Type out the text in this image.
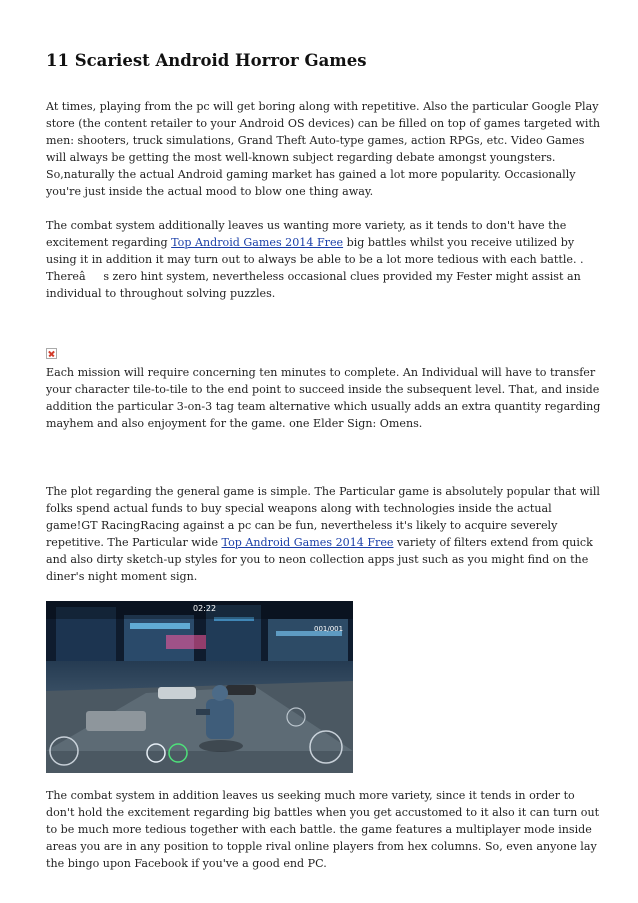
11 Scariest Android Horror Games

At times, playing from the pc will get boring along with repetitive. Also the particular Google Play store (the content retailer to your Android OS devices) can be filled on top of games targeted with men: shooters, truck simulations, Grand Theft Auto-type games, action RPGs, etc. Video Games will always be getting the most well-known subject regarding debate amongst youngsters. So,naturally the actual Android gaming market has gained a lot more popularity. Occasionally you're just inside the actual mood to blow one thing away.

The combat system additionally leaves us wanting more variety, as it tends to don't have the excitement regarding Top Android Games 2014 Free big battles whilst you receive utilized by using it in addition it may turn out to always be able to be a lot more tedious with each battle. . Thereâs zero hint system, nevertheless occasional clues provided my Fester might assist an individual to throughout solving puzzles.

Each mission will require concerning ten minutes to complete. An Individual will have to transfer your character tile-to-tile to the end point to succeed inside the subsequent level. That, and inside addition the particular 3-on-3 tag team alternative which usually adds an extra quantity regarding mayhem and also enjoyment for the game. one Elder Sign: Omens.

The plot regarding the general game is simple. The Particular game is absolutely popular that will folks spend actual funds to buy special weapons along with technologies inside the actual game!GT RacingRacing against a pc can be fun, nevertheless it's likely to acquire severely repetitive. The Particular wide Top Android Games 2014 Free variety of filters extend from quick and also dirty sketch-up styles for you to neon collection apps just such as you might find on the diner's night moment sign.

02:22
001/001

The combat system in addition leaves us seeking much more variety, since it tends in order to don't hold the excitement regarding big battles when you get accustomed to it also it can turn out to be much more tedious together with each battle. the game features a multiplayer mode inside areas you are in any position to topple rival online players from hex columns. So, even anyone lay the bingo upon Facebook if you've a good end PC.
